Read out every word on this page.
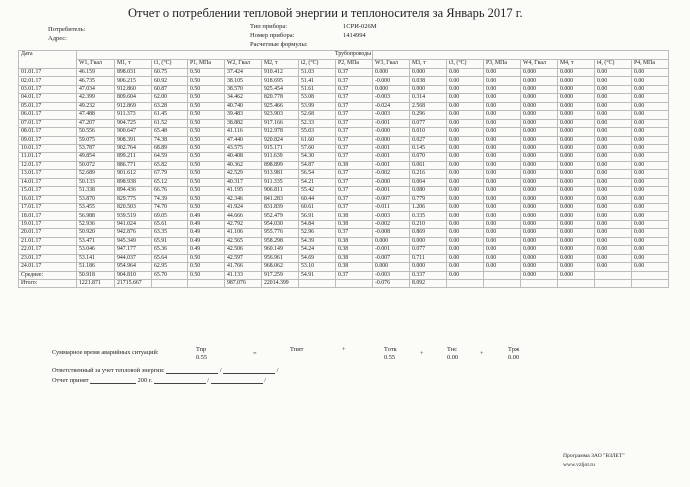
Отчет о потреблении тепловой энергии и теплоносителя за Январь 2017 г.
Потребитель:
Адрес:
Тип прибора:	1СРИ-026М
Номер прибора:	1414994
Расчетные формулы:
Дата									Трубопроводы							
	W1, Гкал	M1, т	t1, (°C)	P1, МПа	W2, Гкал	M2, т	t2, (°C)	P2, МПа	W3, Гкал	M3, т	t3, (°C)	P3, МПа	W4, Гкал	M4, т	t4, (°C)	P4, МПа
01.01.17	46.159	898.031	60.75	0.50	37.424	910.412	51.03	0.37	0.000	0.000	0.00	0.00	0.000	0.000	0.00	0.00
02.01.17	46.735	906.215	60.92	0.50	38.105	918.695	51.41	0.37	-0.000	0.038	0.00	0.00	0.000	0.000	0.00	0.00
03.01.17	47.034	912.860	60.87	0.50	38.570	925.454	51.61	0.37	0.000	0.000	0.00	0.00	0.000	0.000	0.00	0.00
04.01.17	42.399	809.604	62.00	0.50	34.462	820.778	53.08	0.37	-0.003	0.314	0.00	0.00	0.000	0.000	0.00	0.00
05.01.17	49.232	912.869	63.28	0.50	40.740	925.466	53.99	0.37	-0.024	2.568	0.00	0.00	0.000	0.000	0.00	0.00
06.01.17	47.488	911.373	61.45	0.50	39.483	923.903	52.68	0.37	-0.003	0.296	0.00	0.00	0.000	0.000	0.00	0.00
07.01.17	47.207	904.725	61.52	0.50	38.882	917.166	52.33	0.37	-0.001	0.077	0.00	0.00	0.000	0.000	0.00	0.00
08.01.17	50.556	900.647	65.48	0.50	41.116	912.978	55.03	0.37	-0.000	0.010	0.00	0.00	0.000	0.000	0.00	0.00
09.01.17	59.075	908.391	74.38	0.50	47.440	920.824	61.60	0.37	-0.000	0.027	0.00	0.00	0.000	0.000	0.00	0.00
10.01.17	53.787	902.764	68.89	0.50	43.575	915.171	57.60	0.37	-0.001	0.145	0.00	0.00	0.000	0.000	0.00	0.00
11.01.17	49.854	899.211	64.59	0.50	40.408	911.639	54.30	0.37	-0.001	0.070	0.00	0.00	0.000	0.000	0.00	0.00
12.01.17	50.072	886.771	65.82	0.50	40.362	898.899	54.87	0.38	-0.001	0.061	0.00	0.00	0.000	0.000	0.00	0.00
13.01.17	52.689	901.612	67.79	0.50	42.529	913.981	56.54	0.37	-0.002	0.216	0.00	0.00	0.000	0.000	0.00	0.00
14.01.17	50.133	898.938	65.12	0.50	40.317	911.335	54.21	0.37	-0.000	0.004	0.00	0.00	0.000	0.000	0.00	0.00
15.01.17	51.338	894.436	66.76	0.50	41.195	906.811	55.42	0.37	-0.001	0.080	0.00	0.00	0.000	0.000	0.00	0.00
16.01.17	53.870	829.775	74.39	0.50	42.346	841.283	60.44	0.37	-0.007	0.779	0.00	0.00	0.000	0.000	0.00	0.00
17.01.17	53.455	820.503	74.70	0.50	41.924	831.839	60.61	0.37	-0.011	1.206	0.00	0.00	0.000	0.000	0.00	0.00
18.01.17	56.988	939.519	69.05	0.49	44.666	952.479	56.91	0.38	-0.003	0.335	0.00	0.00	0.000	0.000	0.00	0.00
19.01.17	52.936	941.024	65.61	0.49	42.792	954.030	54.84	0.38	-0.002	0.210	0.00	0.00	0.000	0.000	0.00	0.00
20.01.17	50.920	942.876	63.35	0.49	41.106	955.776	52.96	0.37	-0.008	0.869	0.00	0.00	0.000	0.000	0.00	0.00
21.01.17	53.471	945.349	65.91	0.49	42.565	958.298	54.39	0.38	0.000	0.000	0.00	0.00	0.000	0.000	0.00	0.00
22.01.17	53.046	947.177	65.36	0.49	42.506	960.149	54.24	0.38	-0.001	0.077	0.00	0.00	0.000	0.000	0.00	0.00
23.01.17	53.141	944.037	65.64	0.50	42.597	956.961	54.69	0.38	-0.007	0.711	0.00	0.00	0.000	0.000	0.00	0.00
24.01.17	51.186	954.964	62.95	0.50	41.766	968.062	53.10	0.38	0.000	0.000	0.00	0.00	0.000	0.000	0.00	0.00
Среднее:	50.918	904.810	65.70	0.50	41.133	917.259	54.91	0.37	-0.003	0.337	0.00		0.000	0.000		
Итого:	1221.871	21715.667			987.076	22014.399			-0.076	8.092						
Суммарное время аварийных ситуаций:	Tnp
0.55
=
Tпит	+	Tотк
0.55
+
Tнс
0.00
+
Tрж
0.00
Ответственный за учет тепловой энергии:	/	/
Отчет принят	200 г.	/	/
Программа ЗАО "ВЗЛЕТ"
www.vzljot.ru
